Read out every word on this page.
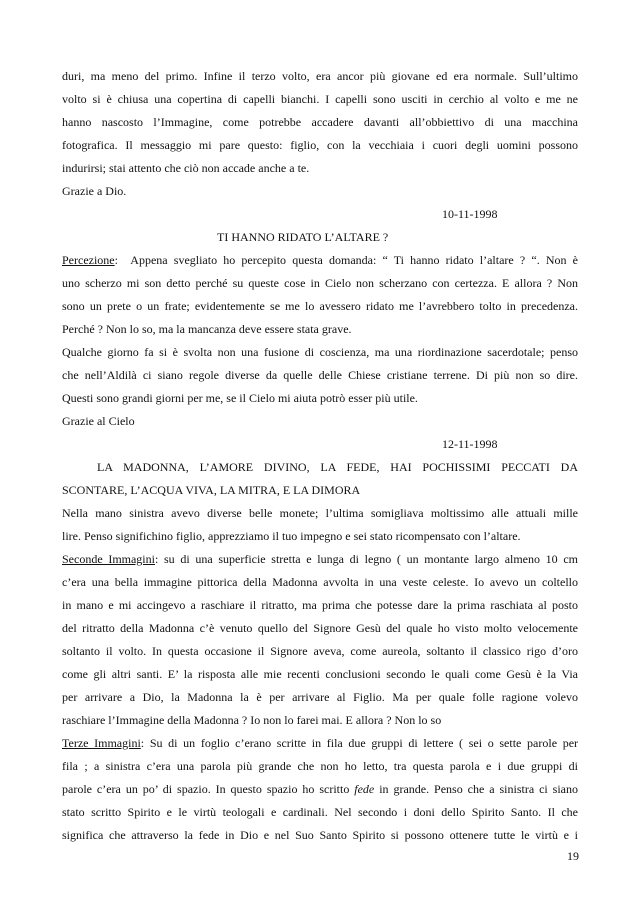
duri, ma meno del primo. Infine il terzo volto, era ancor più giovane ed era normale. Sull’ultimo

volto si è chiusa una copertina di capelli bianchi. I capelli sono usciti in cerchio al volto e me ne

hanno nascosto l’Immagine, come potrebbe accadere davanti all’obbiettivo di una macchina

fotografica. Il messaggio mi pare questo: figlio, con la vecchiaia i cuori degli uomini possono

indurirsi; stai attento che ciò non accade anche a te.

Grazie a Dio.

10-11-1998

TI HANNO RIDATO L’ALTARE ?

Percezione:  Appena svegliato ho percepito questa domanda: “ Ti hanno ridato l’altare ? “. Non è

uno scherzo mi son detto perché su queste cose in Cielo non scherzano con certezza. E allora ? Non

sono un prete o un frate; evidentemente se me lo avessero ridato me l’avrebbero tolto in precedenza.

Perché ? Non lo so, ma la mancanza deve essere stata grave.

Qualche giorno fa si è svolta non una fusione di coscienza, ma una riordinazione sacerdotale; penso

che nell’Aldilà ci siano regole diverse da quelle delle Chiese cristiane terrene. Di più non so dire.

Questi sono grandi giorni per me, se il Cielo mi aiuta potrò esser più utile.

Grazie al Cielo

12-11-1998

LA MADONNA, L’AMORE DIVINO, LA FEDE, HAI POCHISSIMI PECCATI DA

SCONTARE, L’ACQUA VIVA, LA MITRA, E LA DIMORA

Nella mano sinistra avevo diverse belle monete; l’ultima somigliava moltissimo alle attuali mille

lire. Penso significhino figlio, apprezziamo il tuo impegno e sei stato ricompensato con l’altare.

Seconde Immagini: su di una superficie stretta e lunga di legno ( un montante largo almeno 10 cm

c’era una bella immagine pittorica della Madonna avvolta in una veste celeste. Io avevo un coltello

in mano e mi accingevo a raschiare il ritratto, ma prima che potesse dare la prima raschiata al posto

del ritratto della Madonna c’è venuto quello del Signore Gesù del quale ho visto molto velocemente

soltanto il volto. In questa occasione il Signore aveva, come aureola, soltanto il classico rigo d’oro

come gli altri santi. E’ la risposta alle mie recenti conclusioni secondo le quali come Gesù è la Via

per arrivare a Dio, la Madonna la è per arrivare al Figlio. Ma per quale folle ragione volevo

raschiare l’Immagine della Madonna ? Io non lo farei mai. E allora ? Non lo so

Terze Immagini: Su di un foglio c’erano scritte in fila due gruppi di lettere ( sei o sette parole per

fila ; a sinistra c’era una parola più grande che non ho letto, tra questa parola e i due gruppi di

parole c’era un po’ di spazio. In questo spazio ho scritto fede in grande. Penso che a sinistra ci siano

stato scritto Spirito e le virtù teologali e cardinali. Nel secondo i doni dello Spirito Santo. Il che

significa che attraverso la fede in Dio e nel Suo Santo Spirito si possono ottenere tutte le virtù e i

19
